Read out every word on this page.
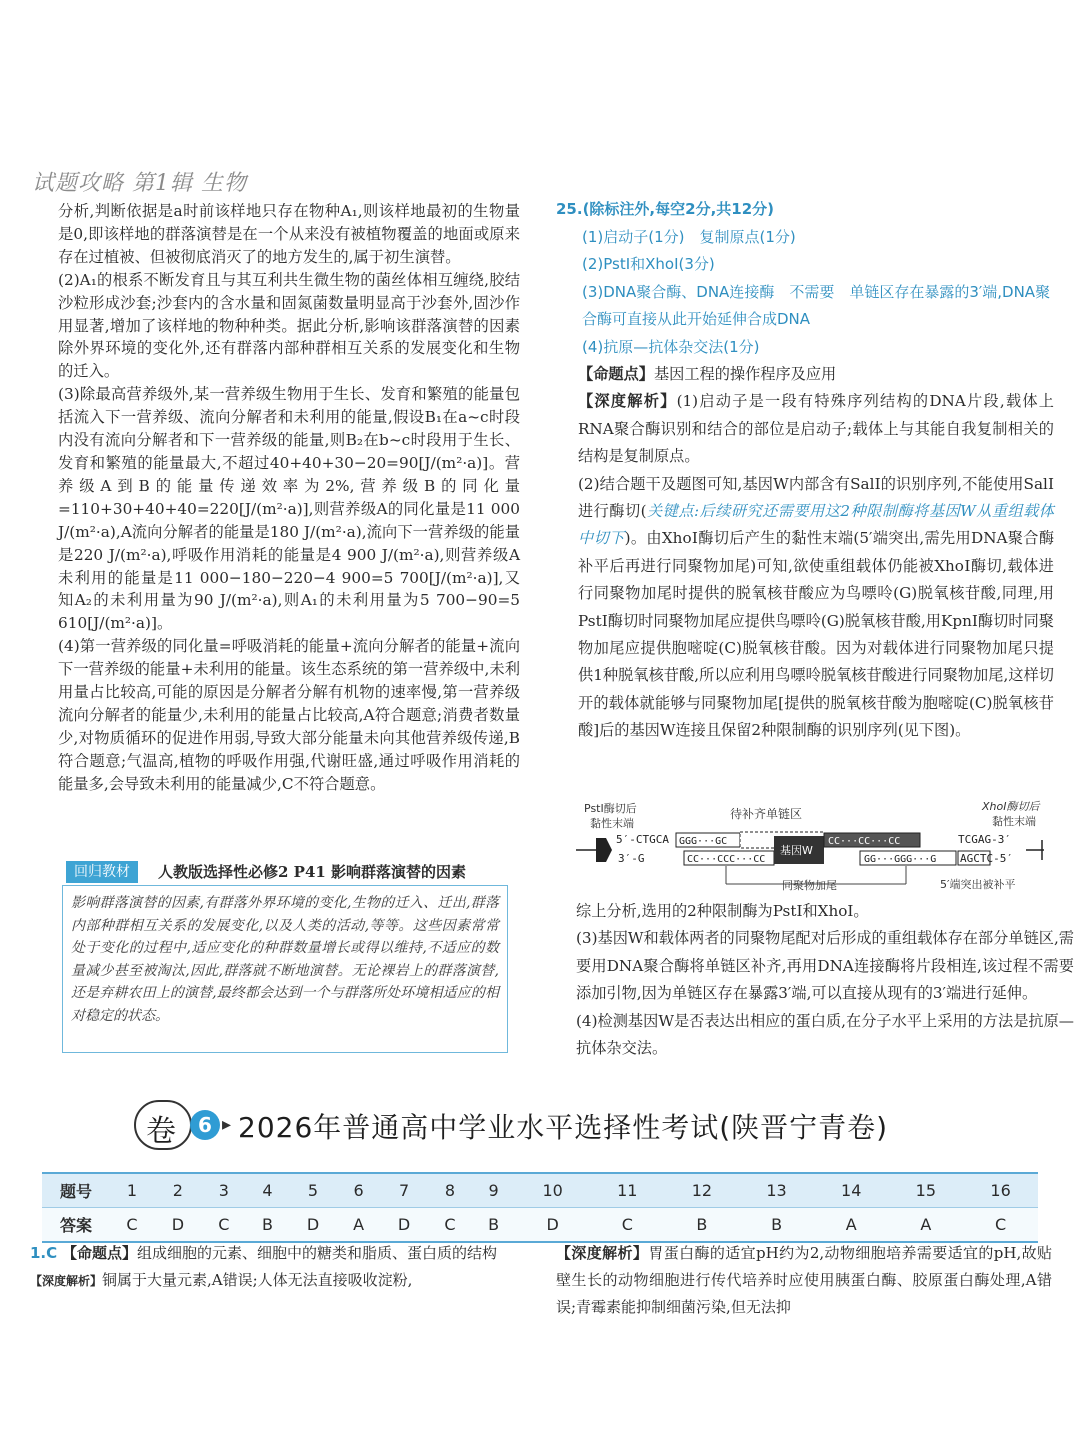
试题攻略 第1辑 生物

分析,判断依据是a时前该样地只存在物种A₁,则该样地最初的生物量是0,即该样地的群落演替是在一个从来没有被植物覆盖的地面或原来存在过植被、但被彻底消灭了的地方发生的,属于初生演替。

(2)A₁的根系不断发育且与其互利共生微生物的菌丝体相互缠绕,胶结沙粒形成沙套;沙套内的含水量和固氮菌数量明显高于沙套外,固沙作用显著,增加了该样地的物种种类。据此分析,影响该群落演替的因素除外界环境的变化外,还有群落内部种群相互关系的发展变化和生物的迁入。

(3)除最高营养级外,某一营养级生物用于生长、发育和繁殖的能量包括流入下一营养级、流向分解者和未利用的能量,假设B₁在a~c时段内没有流向分解者和下一营养级的能量,则B₂在b~c时段用于生长、发育和繁殖的能量最大,不超过40+40+30−20=90[J/(m²·a)]。营养级A到B的能量传递效率为2%,营养级B的同化量=110+30+40+40=220[J/(m²·a)],则营养级A的同化量是11 000 J/(m²·a),A流向分解者的能量是180 J/(m²·a),流向下一营养级的能量是220 J/(m²·a),呼吸作用消耗的能量是4 900 J/(m²·a),则营养级A未利用的能量是11 000−180−220−4 900=5 700[J/(m²·a)],又知A₂的未利用量为90 J/(m²·a),则A₁的未利用量为5 700−90=5 610[J/(m²·a)]。

(4)第一营养级的同化量=呼吸消耗的能量+流向分解者的能量+流向下一营养级的能量+未利用的能量。该生态系统的第一营养级中,未利用量占比较高,可能的原因是分解者分解有机物的速率慢,第一营养级流向分解者的能量少,未利用的能量占比较高,A符合题意;消费者数量少,对物质循环的促进作用弱,导致大部分能量未向其他营养级传递,B符合题意;气温高,植物的呼吸作用强,代谢旺盛,通过呼吸作用消耗的能量多,会导致未利用的能量减少,C不符合题意。

回归教材	人教版选择性必修2 P41 影响群落演替的因素
影响群落演替的因素,有群落外界环境的变化,生物的迁入、迁出,群落内部种群相互关系的发展变化,以及人类的活动,等等。这些因素常常处于变化的过程中,适应变化的种群数量增长或得以维持,不适应的数量减少甚至被淘汰,因此,群落就不断地演替。无论裸岩上的群落演替,还是弃耕农田上的演替,最终都会达到一个与群落所处环境相适应的相对稳定的状态。
25.(除标注外,每空2分,共12分)
(1)启动子(1分)　复制原点(1分)
(2)PstⅠ和XhoⅠ(3分)
(3)DNA聚合酶、DNA连接酶　不需要　单链区存在暴露的3′端,DNA聚合酶可直接从此开始延伸合成DNA
(4)抗原—抗体杂交法(1分)

【命题点】基因工程的操作程序及应用

【深度解析】(1)启动子是一段有特殊序列结构的DNA片段,载体上RNA聚合酶识别和结合的部位是启动子;载体上与其能自我复制相关的结构是复制原点。

(2)结合题干及题图可知,基因W内部含有SalⅠ的识别序列,不能使用SalⅠ进行酶切(关键点:后续研究还需要用这2种限制酶将基因W从重组载体中切下)。由XhoⅠ酶切后产生的黏性末端(5′端突出,需先用DNA聚合酶补平后再进行同聚物加尾)可知,欲使重组载体仍能被XhoⅠ酶切,载体进行同聚物加尾时提供的脱氧核苷酸应为鸟嘌呤(G)脱氧核苷酸,同理,用PstⅠ酶切时同聚物加尾应提供鸟嘌呤(G)脱氧核苷酸,用KpnⅠ酶切时同聚物加尾应提供胞嘧啶(C)脱氧核苷酸。因为对载体进行同聚物加尾只提供1种脱氧核苷酸,所以应利用鸟嘌呤脱氧核苷酸进行同聚物加尾,这样切开的载体就能够与同聚物加尾[提供的脱氧核苷酸为胞嘧啶(C)脱氧核苷酸]后的基因W连接且保留2种限制酶的识别序列(见下图)。

PstⅠ酶切后
黏性末端
待补齐单链区
XhoⅠ酶切后
黏性末端
5′-CTGCA GGG···GC
3′-G	CC···CCC···CC
基因W
CC···CC···CC
GG···GGG···G
TCGAG-3′
AGCTC-5′
同聚物加尾	5′端突出被补平

综上分析,选用的2种限制酶为PstⅠ和XhoⅠ。

(3)基因W和载体两者的同聚物尾配对后形成的重组载体存在部分单链区,需要用DNA聚合酶将单链区补齐,再用DNA连接酶将片段相连,该过程不需要添加引物,因为单链区存在暴露3′端,可以直接从现有的3′端进行延伸。

(4)检测基因W是否表达出相应的蛋白质,在分子水平上采用的方法是抗原—抗体杂交法。

卷	6 ▸ 2026年普通高中学业水平选择性考试(陕晋宁青卷)
题号	1	2	3	4	5	6	7	8	9	10	11	12	13	14	15	16
答案	C	D	C	B	D	A	D	C	B	D	C	B	B	A	A	C
1.C 【命题点】组成细胞的元素、细胞中的糖类和脂质、蛋白质的结构
【深度解析】铜属于大量元素,A错误;人体无法直接吸收淀粉,
【深度解析】胃蛋白酶的适宜pH约为2,动物细胞培养需要适宜的pH,故贴壁生长的动物细胞进行传代培养时应使用胰蛋白酶、胶原蛋白酶处理,A错误;青霉素能抑制细菌污染,但无法抑
